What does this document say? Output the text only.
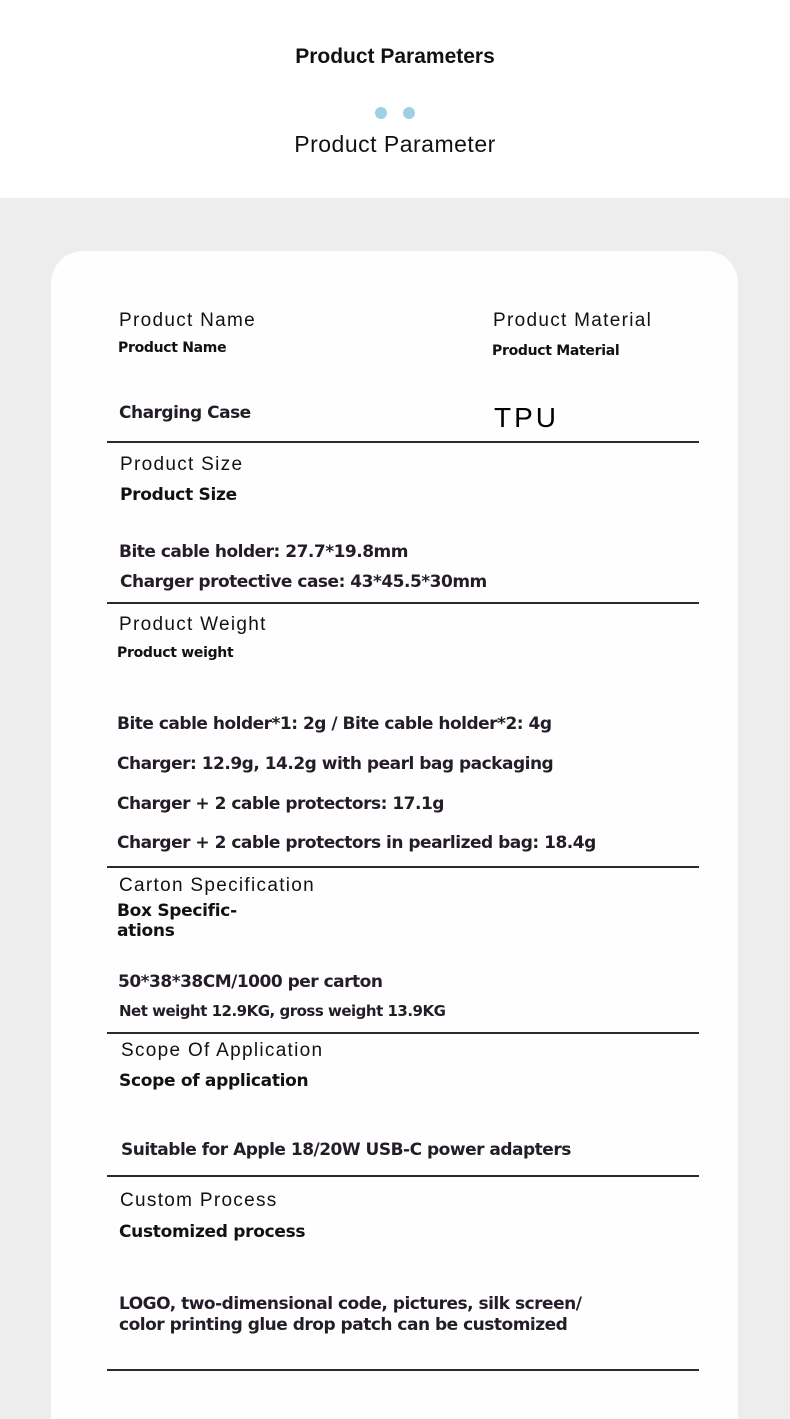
Product Parameters
Product Parameter
Product Name
Product Name
Charging Case
Product Material
Product Material
TPU
Product Size
Product Size
Bite cable holder: 27.7*19.8mm
Charger protective case: 43*45.5*30mm
Product Weight
Product weight
Bite cable holder*1: 2g / Bite cable holder*2: 4g
Charger: 12.9g, 14.2g with pearl bag packaging
Charger + 2 cable protectors: 17.1g
Charger + 2 cable protectors in pearlized bag: 18.4g
Carton Specification
Box Specific-
ations
50*38*38CM/1000 per carton
Net weight 12.9KG, gross weight 13.9KG
Scope Of Application
Scope of application
Suitable for Apple 18/20W USB-C power adapters
Custom Process
Customized process
LOGO, two-dimensional code, pictures, silk screen/
color printing glue drop patch can be customized
